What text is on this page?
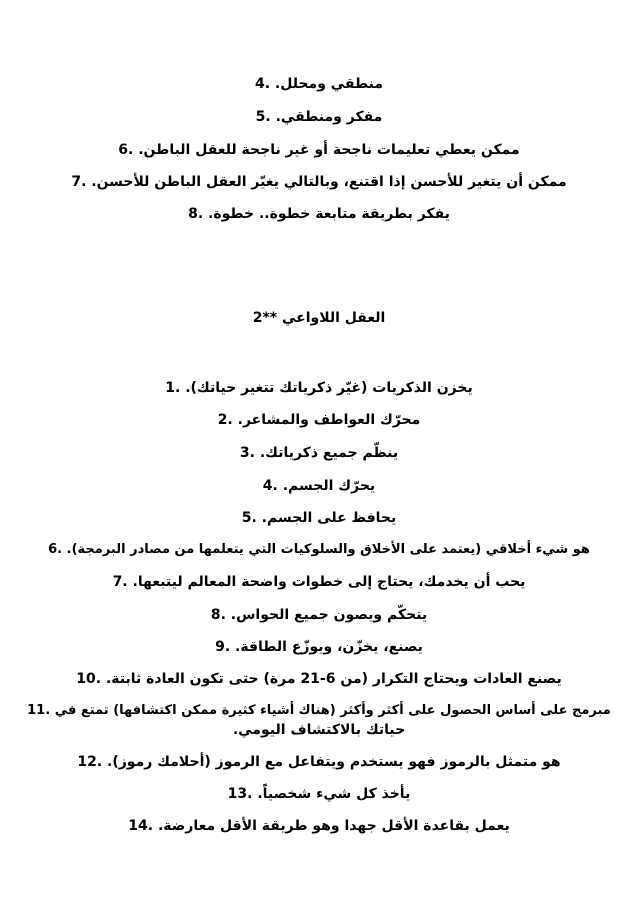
منطقي ومحلل. 4.
مفكر ومنطقي. 5.
ممكن يعطي تعليمات ناجحة أو غير ناجحة للعقل الباطن. 6.
ممكن أن يتغير للأحسن إذا اقتنع، وبالتالي يغيّر العقل الباطن للأحسن. 7.
يفكر بطريقة متابعة خطوة.. خطوة. 8.
العقل اللاواعي **2
يخزن الذكريات (غيّر ذكرياتك تتغير حياتك). 1.
محرّك العواطف والمشاعر. 2.
ينظّم جميع ذكرياتك. 3.
يحرّك الجسم. 4.
يحافظ على الجسم. 5.
هو شيء أخلاقي (يعتمد على الأخلاق والسلوكيات التي يتعلمها من مصادر البرمجة). 6.
يحب أن يخدمك، يحتاج إلى خطوات واضحة المعالم ليتبعها. 7.
يتحكّم ويصون جميع الحواس. 8.
يصنع، يخزّن، ويوزّع الطاقة. 9.
يصنع العادات ويحتاج التكرار (من 6-21 مرة) حتى تكون العادة ثابتة. 10.
مبرمج على أساس الحصول على أكثر وأكثر (هناك أشياء كثيرة ممكن اكتشافها) تمتع في 11.
حياتك بالاكتشاف اليومي.
هو متمثل بالرموز فهو يستخدم ويتفاعل مع الرموز (أحلامك رموز). 12.
يأخذ كل شيء شخصياً. 13.
يعمل بقاعدة الأقل جهدا وهو طريقة الأقل معارضة. 14.
